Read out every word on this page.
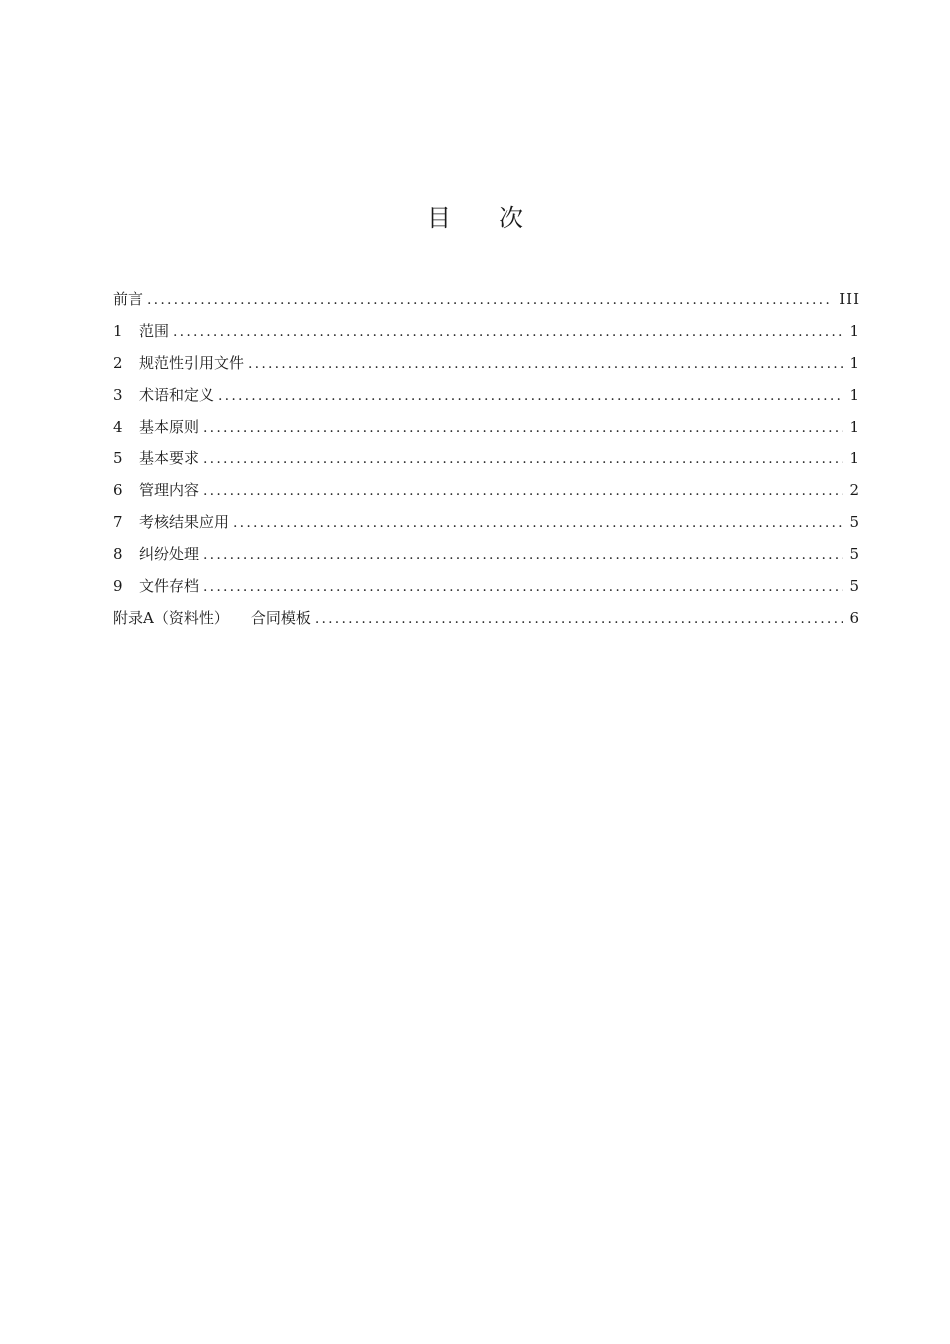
目 次
前言 .....	III
1	范围 .....	1
2	规范性引用文件 .....	1
3	术语和定义 .....	1
4	基本原则 .....	1
5	基本要求 .....	1
6	管理内容 .....	2
7	考核结果应用 .....	5
8	纠纷处理 .....	5
9	文件存档 .....	5
附录A（资料性） 合同模板 .....	6
